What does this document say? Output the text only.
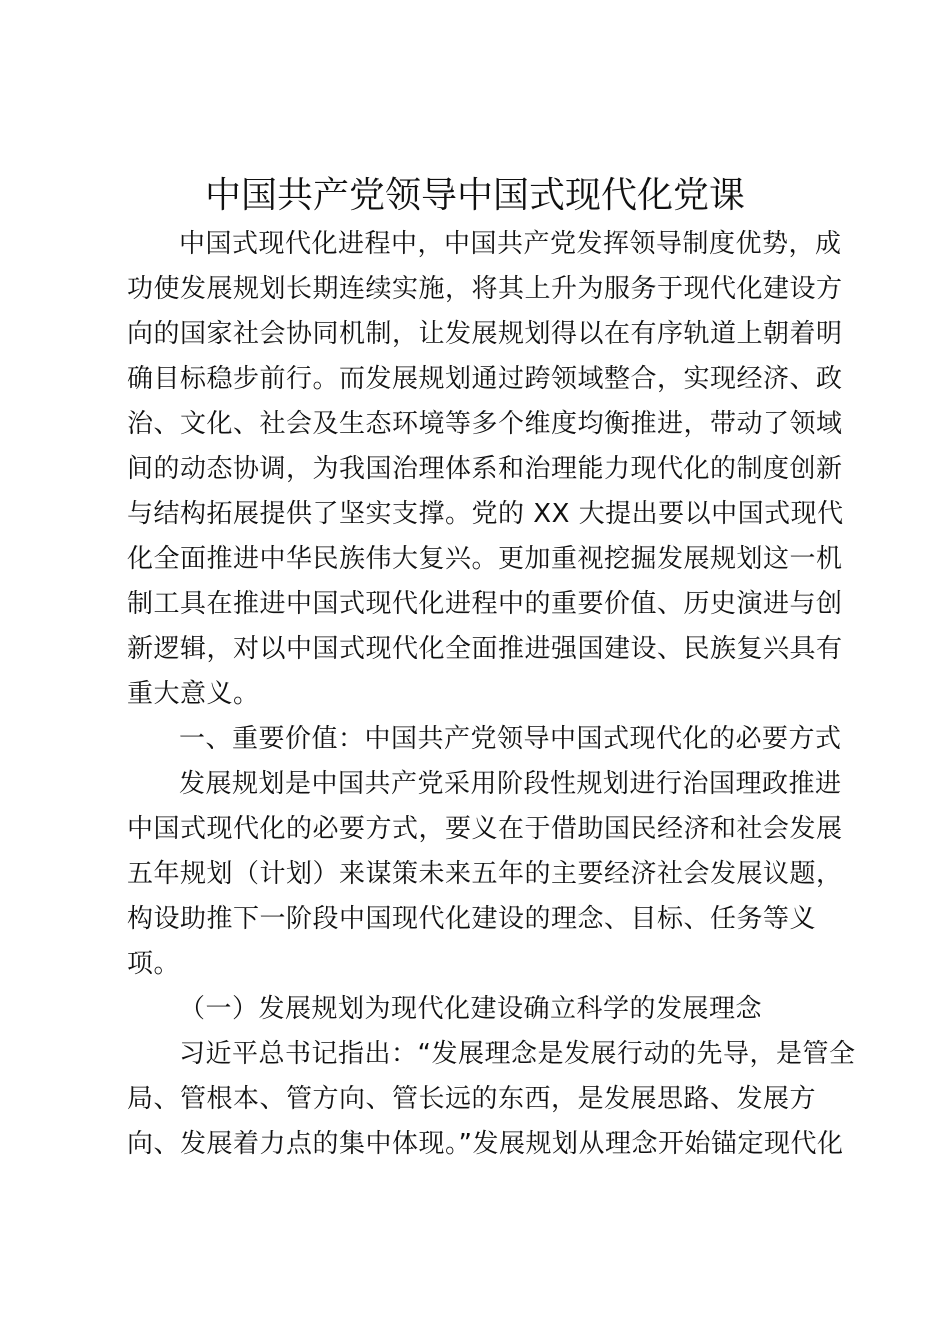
中国共产党领导中国式现代化党课
中国式现代化进程中，中国共产党发挥领导制度优势，成
功使发展规划长期连续实施，将其上升为服务于现代化建设方
向的国家社会协同机制，让发展规划得以在有序轨道上朝着明
确目标稳步前行。而发展规划通过跨领域整合，实现经济、政
治、文化、社会及生态环境等多个维度均衡推进，带动了领域
间的动态协调，为我国治理体系和治理能力现代化的制度创新
与结构拓展提供了坚实支撑。党的 XX 大提出要以中国式现代
化全面推进中华民族伟大复兴。更加重视挖掘发展规划这一机
制工具在推进中国式现代化进程中的重要价值、历史演进与创
新逻辑，对以中国式现代化全面推进强国建设、民族复兴具有
重大意义。
一、重要价值：中国共产党领导中国式现代化的必要方式
发展规划是中国共产党采用阶段性规划进行治国理政推进
中国式现代化的必要方式，要义在于借助国民经济和社会发展
五年规划（计划）来谋策未来五年的主要经济社会发展议题，
构设助推下一阶段中国现代化建设的理念、目标、任务等义
项。
（一）发展规划为现代化建设确立科学的发展理念
习近平总书记指出：“发展理念是发展行动的先导，是管全
局、管根本、管方向、管长远的东西，是发展思路、发展方
向、发展着力点的集中体现。”发展规划从理念开始锚定现代化
